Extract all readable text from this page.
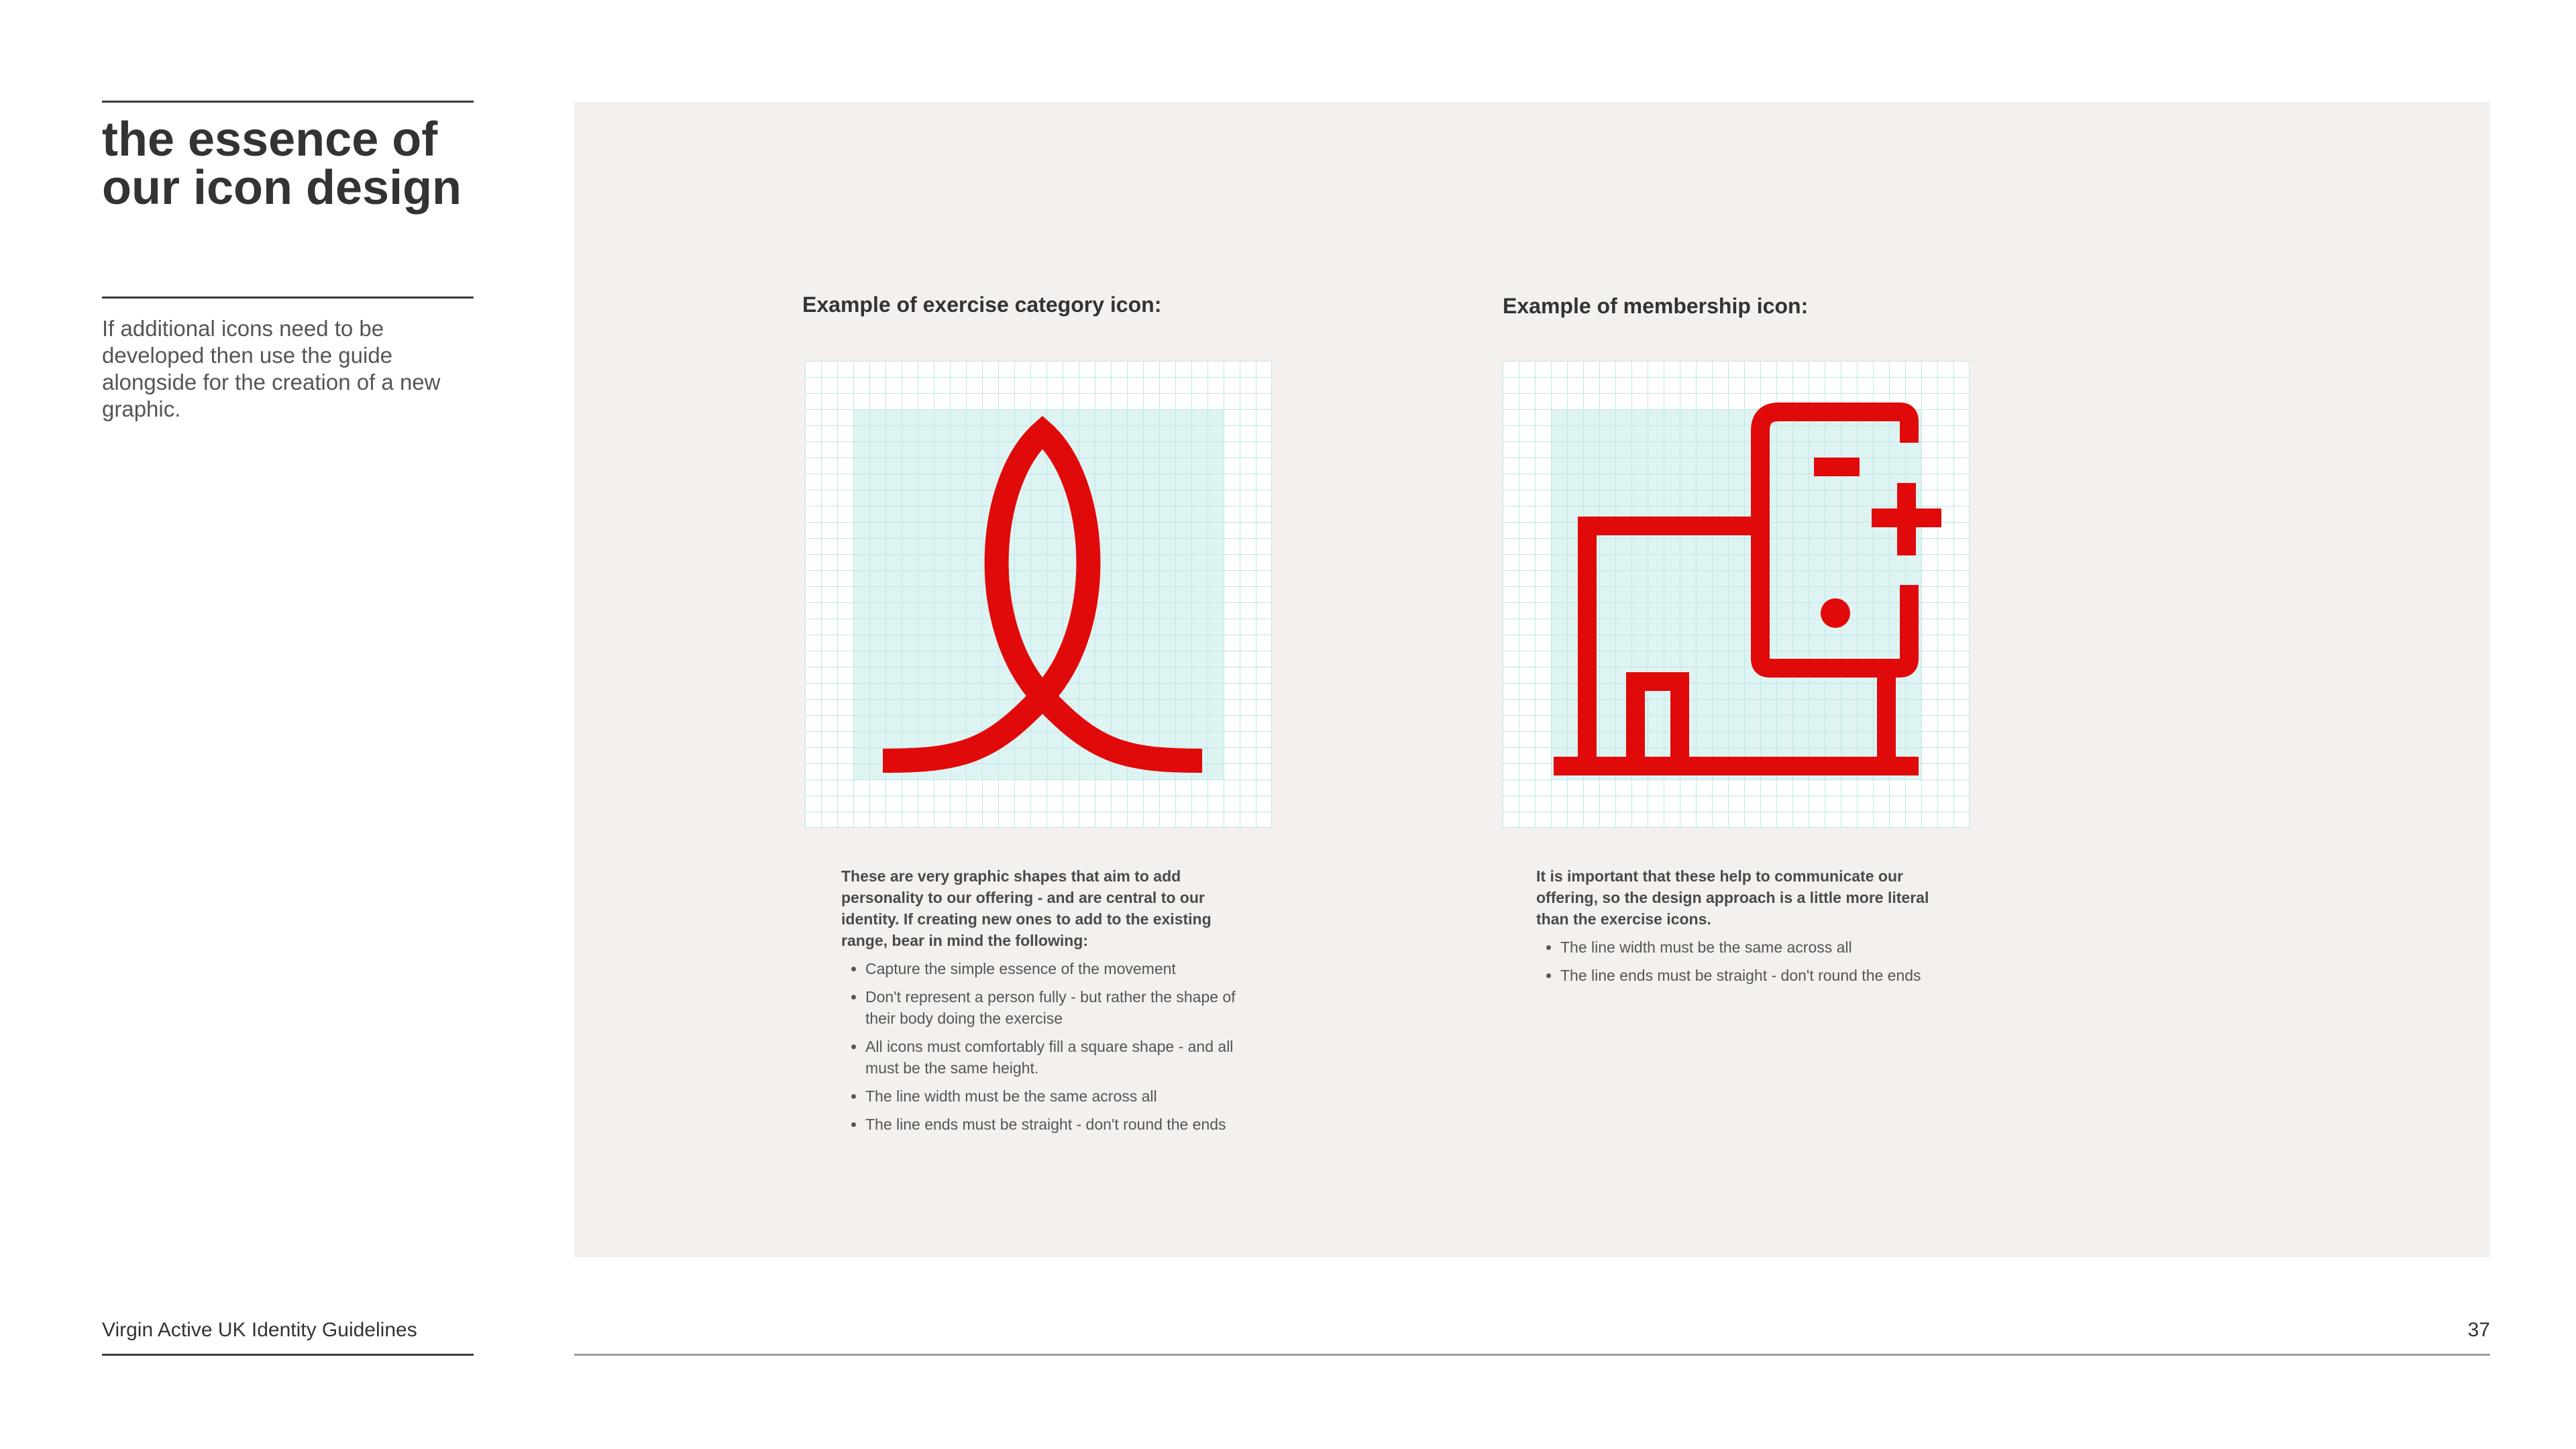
the essence of
our icon design

If additional icons need to be developed then use the guide alongside for the creation of a new graphic.

Example of exercise category icon:

These are very graphic shapes that aim to add personality to our offering - and are central to our identity. If creating new ones to add to the existing range, bear in mind the following:

• Capture the simple essence of the movement
• Don't represent a person fully - but rather the shape of their body doing the exercise
• All icons must comfortably fill a square shape - and all must be the same height.
• The line width must be the same across all
• The line ends must be straight - don't round the ends
Example of membership icon:

It is important that these help to communicate our offering, so the design approach is a little more literal than the exercise icons.

• The line width must be the same across all
• The line ends must be straight - don't round the ends
Virgin Active UK Identity Guidelines	37
